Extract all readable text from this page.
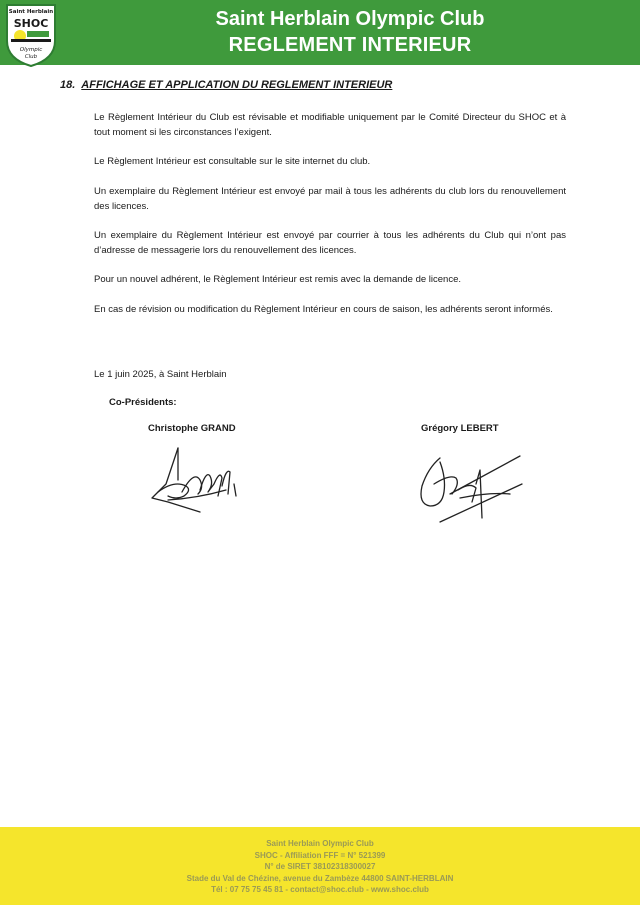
Saint Herblain
SHOC
Olympic
Club
Saint Herblain Olympic Club
REGLEMENT INTERIEUR
18. AFFICHAGE ET APPLICATION DU REGLEMENT INTERIEUR
Le Règlement Intérieur du Club est révisable et modifiable uniquement par le Comité Directeur du SHOC et à tout moment si les circonstances l’exigent.
Le Règlement Intérieur est consultable sur le site internet du club.
Un exemplaire du Règlement Intérieur est envoyé par mail à tous les adhérents du club lors du renouvellement des licences.
Un exemplaire du Règlement Intérieur est envoyé par courrier à tous les adhérents du Club qui n’ont pas d’adresse de messagerie lors du renouvellement des licences.
Pour un nouvel adhérent, le Règlement Intérieur est remis avec la demande de licence.
En cas de révision ou modification du Règlement Intérieur en cours de saison, les adhérents seront informés.
Le 1 juin 2025, à Saint Herblain
Co-Présidents:
Christophe GRAND	Grégory LEBERT
Saint Herblain Olympic Club
SHOC - Affiliation FFF = N° 521399
N° de SIRET 38102318300027
Stade du Val de Chézine, avenue du Zambèze 44800 SAINT-HERBLAIN
Tél : 07 75 75 45 81 - contact@shoc.club - www.shoc.club
